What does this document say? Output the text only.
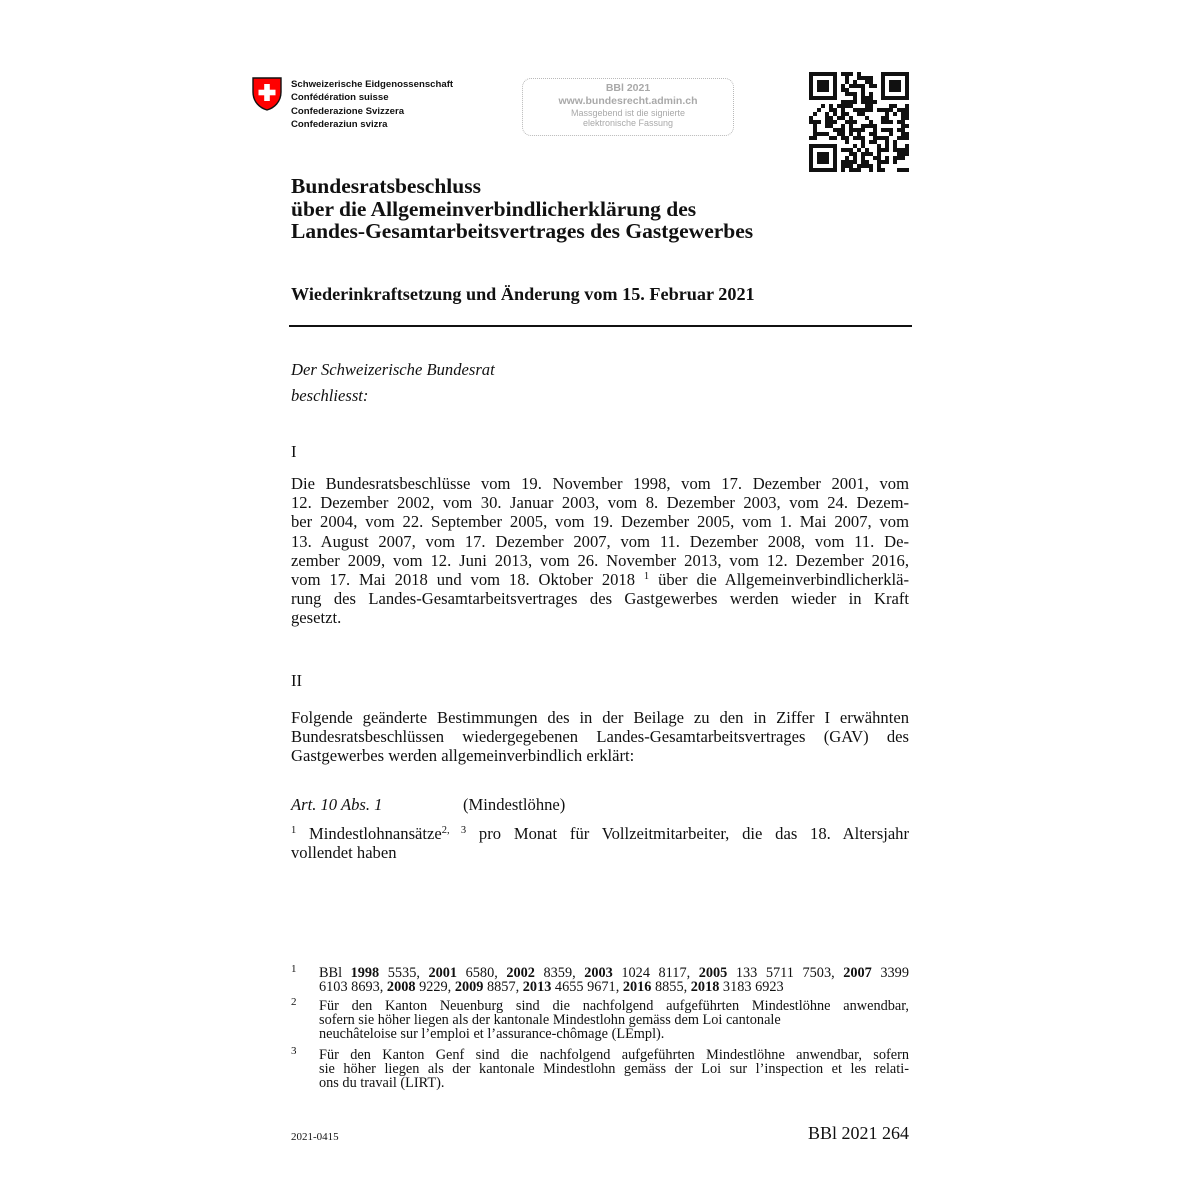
Schweizerische Eidgenossenschaft
Confédération suisse
Confederazione Svizzera
Confederaziun svizra
BBl 2021
www.bundesrecht.admin.ch
Massgebend ist die signierte
elektronische Fassung
Bundesratsbeschluss
über die Allgemeinverbindlicherklärung des
Landes-Gesamtarbeitsvertrages des Gastgewerbes
Wiederinkraftsetzung und Änderung vom 15. Februar 2021
Der Schweizerische Bundesrat
beschliesst:
I
Die Bundesratsbeschlüsse vom 19. November 1998, vom 17. Dezember 2001, vom
12. Dezember 2002, vom 30. Januar 2003, vom 8. Dezember 2003, vom 24. Dezem-
ber 2004, vom 22. September 2005, vom 19. Dezember 2005, vom 1. Mai 2007, vom
13. August 2007, vom 17. Dezember 2007, vom 11. Dezember 2008, vom 11. De-
zember 2009, vom 12. Juni 2013, vom 26. November 2013, vom 12. Dezember 2016,
vom 17. Mai 2018 und vom 18. Oktober 2018 $^1$ über die Allgemeinverbindlicherklä-
rung des Landes-Gesamtarbeitsvertrages des Gastgewerbes werden wieder in Kraft
gesetzt.
II
Folgende geänderte Bestimmungen des in der Beilage zu den in Ziffer I erwähnten
Bundesratsbeschlüssen wiedergegebenen Landes-Gesamtarbeitsvertrages (GAV) des
Gastgewerbes werden allgemeinverbindlich erklärt:
Art. 10 Abs. 1	(Mindestlöhne)
$^1$ Mindestlohnansätze$^{2, 3}$ pro Monat für Vollzeitmitarbeiter, die das 18. Altersjahr
vollendet haben
1 BBl 1998 5535, 2001 6580, 2002 8359, 2003 1024 8117, 2005 133 5711 7503, 2007 3399
6103 8693, 2008 9229, 2009 8857, 2013 4655 9671, 2016 8855, 2018 3183 6923
2 Für den Kanton Neuenburg sind die nachfolgend aufgeführten Mindestlöhne anwendbar,
sofern sie höher liegen als der kantonale Mindestlohn gemäss dem Loi cantonale
neuchâteloise sur l’emploi et l’assurance-chômage (LEmpl).
3 Für den Kanton Genf sind die nachfolgend aufgeführten Mindestlöhne anwendbar, sofern
sie höher liegen als der kantonale Mindestlohn gemäss der Loi sur l’inspection et les relati-
ons du travail (LIRT).
2021-0415	BBl 2021 264
